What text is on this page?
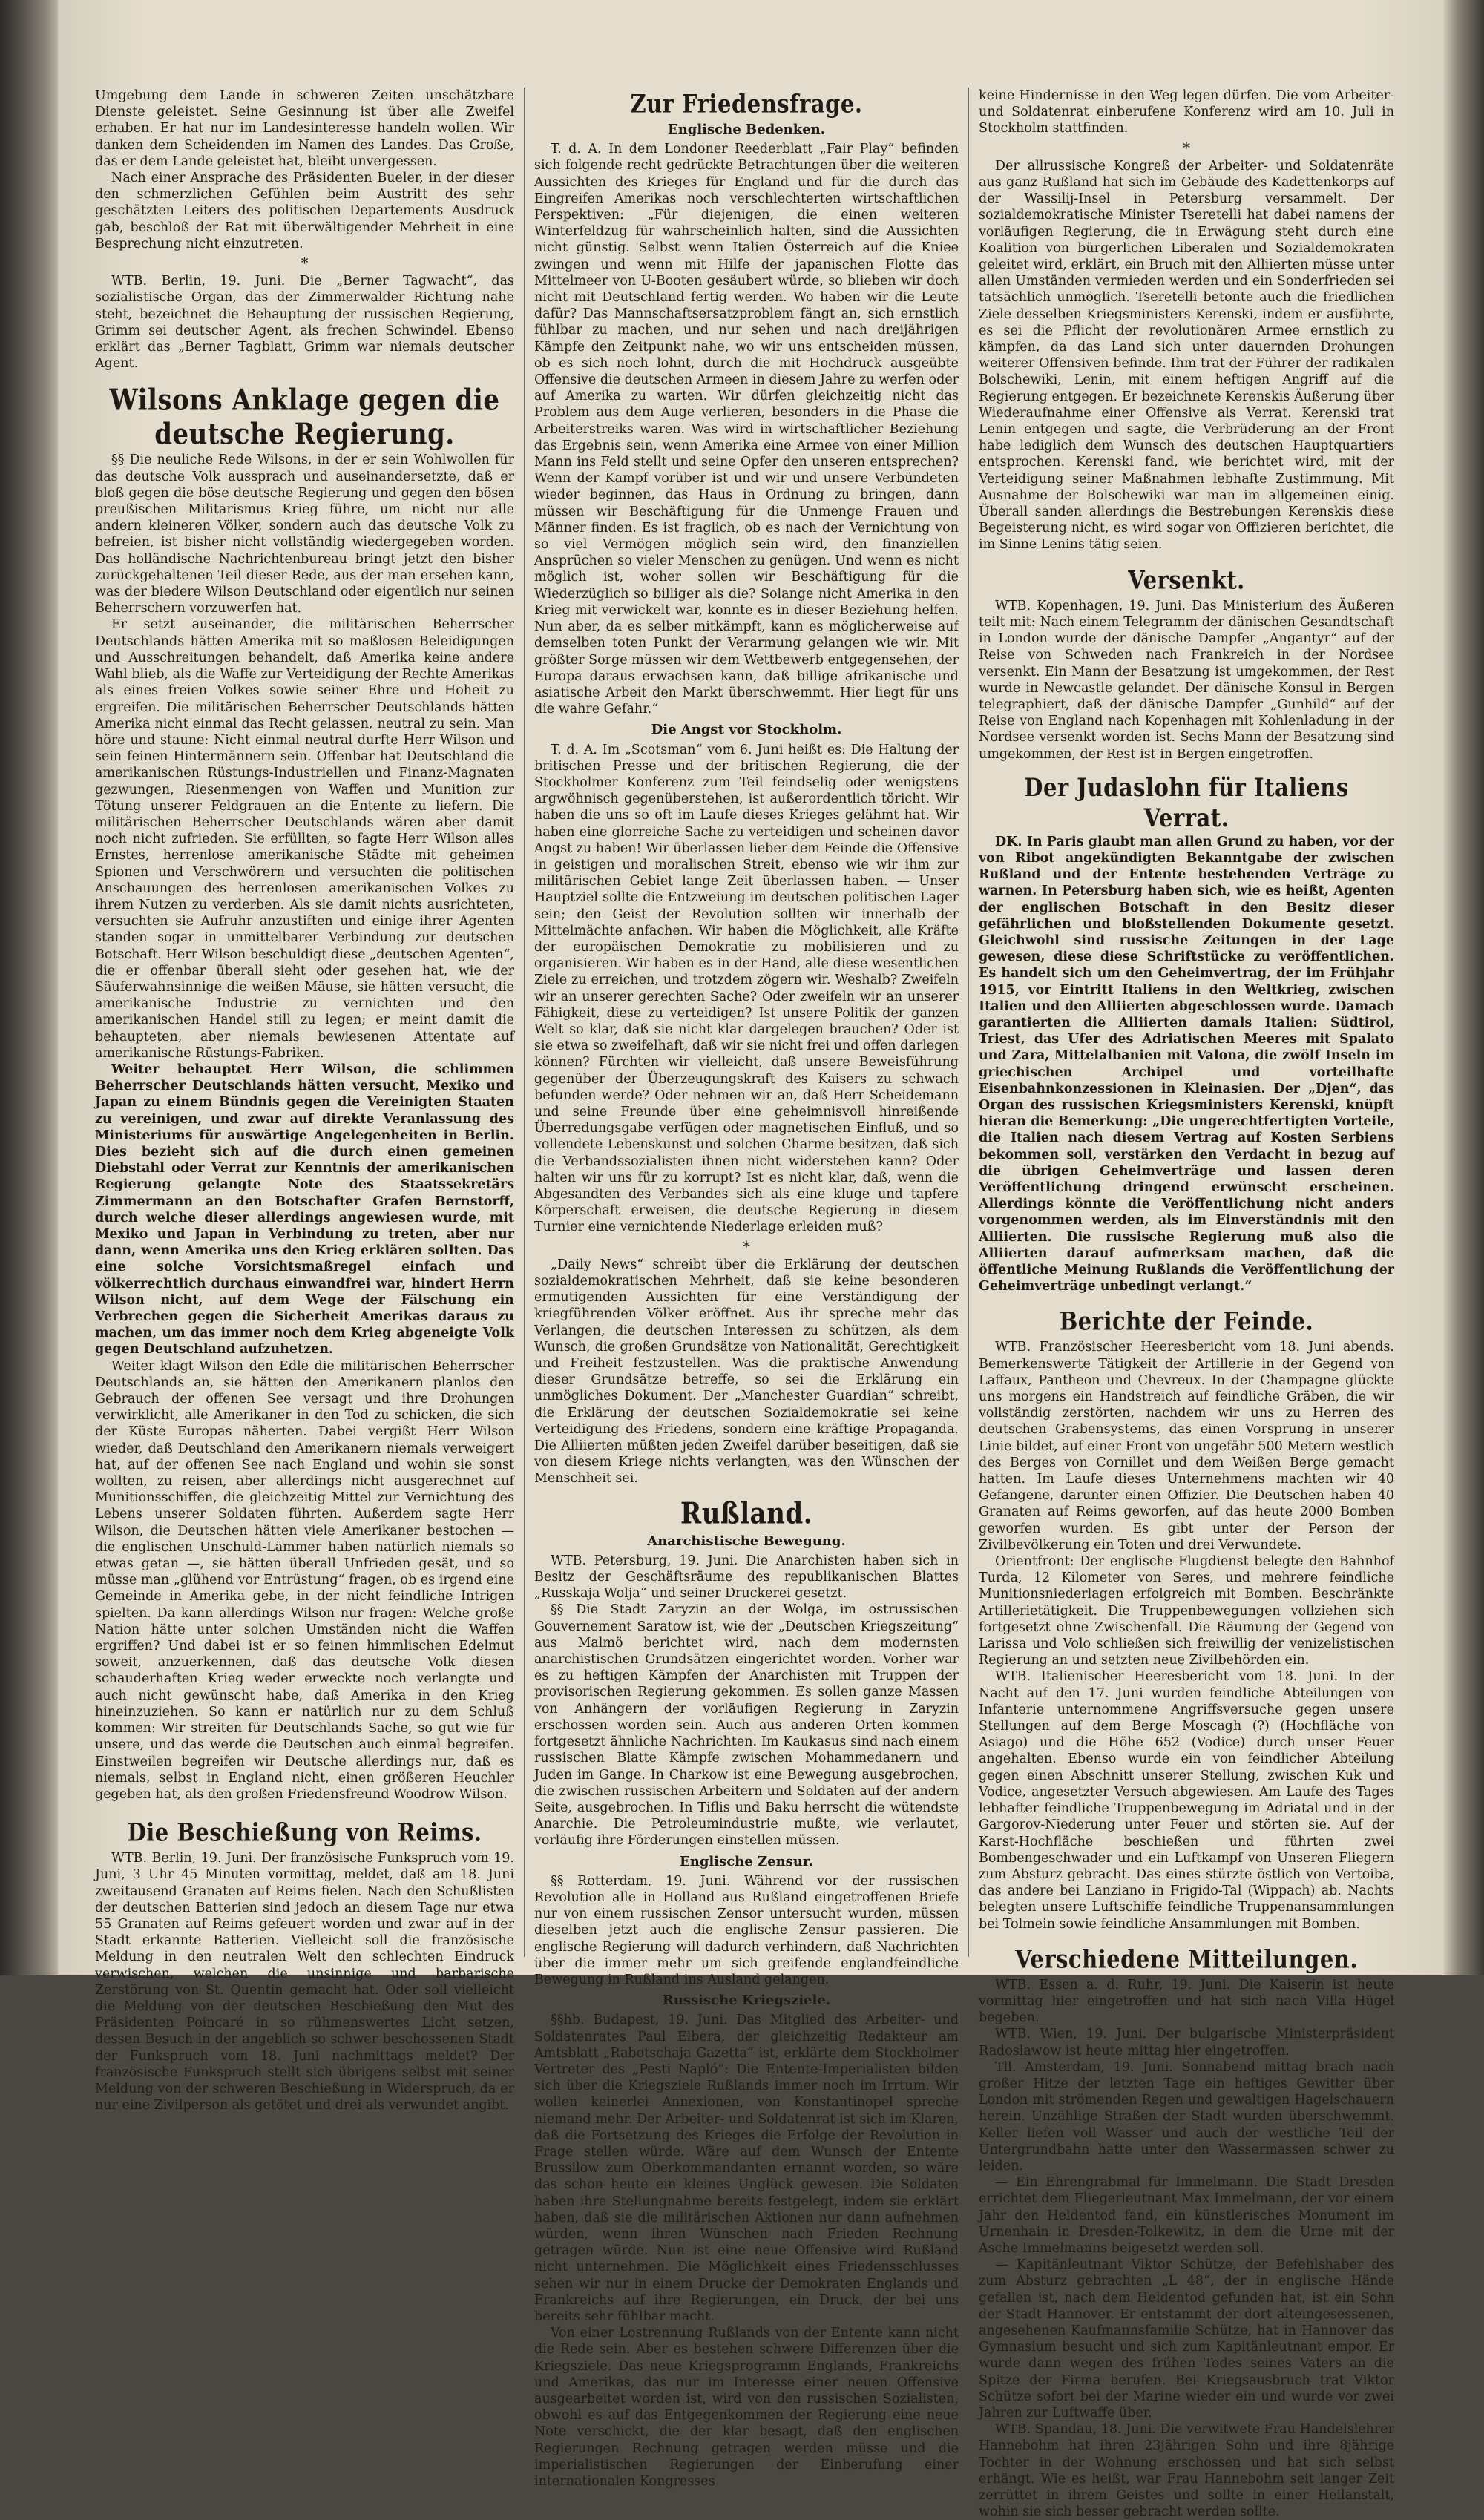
Umgebung dem Lande in schweren Zeiten unschätzbare Dienste geleistet. Seine Gesinnung ist über alle Zweifel erhaben. Er hat nur im Landesinteresse handeln wollen. Wir danken dem Scheidenden im Namen des Landes. Das Große, das er dem Lande geleistet hat, bleibt unvergessen.

Nach einer Ansprache des Präsidenten Bueler, in der dieser den schmerzlichen Gefühlen beim Austritt des sehr geschätzten Leiters des politischen Departements Ausdruck gab, beschloß der Rat mit überwältigender Mehrheit in eine Besprechung nicht einzutreten.

*

WTB. Berlin, 19. Juni. Die „Berner Tagwacht“, das sozialistische Organ, das der Zimmerwalder Richtung nahe steht, bezeichnet die Behauptung der russischen Regierung, Grimm sei deutscher Agent, als frechen Schwindel. Ebenso erklärt das „Berner Tagblatt, Grimm war niemals deutscher Agent.

Wilsons Anklage gegen die deutsche Regierung.

§§ Die neuliche Rede Wilsons, in der er sein Wohlwollen für das deutsche Volk aussprach und auseinandersetzte, daß er bloß gegen die böse deutsche Regierung und gegen den bösen preußischen Militarismus Krieg führe, um nicht nur alle andern kleineren Völker, sondern auch das deutsche Volk zu befreien, ist bisher nicht vollständig wiedergegeben worden. Das holländische Nachrichtenbureau bringt jetzt den bisher zurückgehaltenen Teil dieser Rede, aus der man ersehen kann, was der biedere Wilson Deutschland oder eigentlich nur seinen Beherrschern vorzuwerfen hat.

Er setzt auseinander, die militärischen Beherrscher Deutschlands hätten Amerika mit so maßlosen Beleidigungen und Ausschreitungen behandelt, daß Amerika keine andere Wahl blieb, als die Waffe zur Verteidigung der Rechte Amerikas als eines freien Volkes sowie seiner Ehre und Hoheit zu ergreifen. Die militärischen Beherrscher Deutschlands hätten Amerika nicht einmal das Recht gelassen, neutral zu sein. Man höre und staune: Nicht einmal neutral durfte Herr Wilson und sein feinen Hintermännern sein. Offenbar hat Deutschland die amerikanischen Rüstungs-Industriellen und Finanz-Magnaten gezwungen, Riesenmengen von Waffen und Munition zur Tötung unserer Feldgrauen an die Entente zu liefern. Die militärischen Beherrscher Deutschlands wären aber damit noch nicht zufrieden. Sie erfüllten, so fagte Herr Wilson alles Ernstes, herrenlose amerikanische Städte mit geheimen Spionen und Verschwörern und versuchten die politischen Anschauungen des herrenlosen amerikanischen Volkes zu ihrem Nutzen zu verderben. Als sie damit nichts ausrichteten, versuchten sie Aufruhr anzustiften und einige ihrer Agenten standen sogar in unmittelbarer Verbindung zur deutschen Botschaft. Herr Wilson beschuldigt diese „deutschen Agenten“, die er offenbar überall sieht oder gesehen hat, wie der Säuferwahnsinnige die weißen Mäuse, sie hätten versucht, die amerikanische Industrie zu vernichten und den amerikanischen Handel still zu legen; er meint damit die behaupteten, aber niemals bewiesenen Attentate auf amerikanische Rüstungs-Fabriken.

Weiter behauptet Herr Wilson, die schlimmen Beherrscher Deutschlands hätten versucht, Mexiko und Japan zu einem Bündnis gegen die Vereinigten Staaten zu vereinigen, und zwar auf direkte Veranlassung des Ministeriums für auswärtige Angelegenheiten in Berlin. Dies bezieht sich auf die durch einen gemeinen Diebstahl oder Verrat zur Kenntnis der amerikanischen Regierung gelangte Note des Staatssekretärs Zimmermann an den Botschafter Grafen Bernstorff, durch welche dieser allerdings angewiesen wurde, mit Mexiko und Japan in Verbindung zu treten, aber nur dann, wenn Amerika uns den Krieg erklären sollten. Das eine solche Vorsichtsmaßregel einfach und völkerrechtlich durchaus einwandfrei war, hindert Herrn Wilson nicht, auf dem Wege der Fälschung ein Verbrechen gegen die Sicherheit Amerikas daraus zu machen, um das immer noch dem Krieg abgeneigte Volk gegen Deutschland aufzuhetzen.

Weiter klagt Wilson den Edle die militärischen Beherrscher Deutschlands an, sie hätten den Amerikanern planlos den Gebrauch der offenen See versagt und ihre Drohungen verwirklicht, alle Amerikaner in den Tod zu schicken, die sich der Küste Europas näherten. Dabei vergißt Herr Wilson wieder, daß Deutschland den Amerikanern niemals verweigert hat, auf der offenen See nach England und wohin sie sonst wollten, zu reisen, aber allerdings nicht ausgerechnet auf Munitionsschiffen, die gleichzeitig Mittel zur Vernichtung des Lebens unserer Soldaten führten. Außerdem sagte Herr Wilson, die Deutschen hätten viele Amerikaner bestochen — die englischen Unschuld-Lämmer haben natürlich niemals so etwas getan —, sie hätten überall Unfrieden gesät, und so müsse man „glühend vor Entrüstung“ fragen, ob es irgend eine Gemeinde in Amerika gebe, in der nicht feindliche Intrigen spielten. Da kann allerdings Wilson nur fragen: Welche große Nation hätte unter solchen Umständen nicht die Waffen ergriffen? Und dabei ist er so feinen himmlischen Edelmut soweit, anzuerkennen, daß das deutsche Volk diesen schauderhaften Krieg weder erweckte noch verlangte und auch nicht gewünscht habe, daß Amerika in den Krieg hineinzuziehen. So kann er natürlich nur zu dem Schluß kommen: Wir streiten für Deutschlands Sache, so gut wie für unsere, und das werde die Deutschen auch einmal begreifen. Einstweilen begreifen wir Deutsche allerdings nur, daß es niemals, selbst in England nicht, einen größeren Heuchler gegeben hat, als den großen Friedensfreund Woodrow Wilson.

Die Beschießung von Reims.

WTB. Berlin, 19. Juni. Der französische Funkspruch vom 19. Juni, 3 Uhr 45 Minuten vormittag, meldet, daß am 18. Juni zweitausend Granaten auf Reims fielen. Nach den Schußlisten der deutschen Batterien sind jedoch an diesem Tage nur etwa 55 Granaten auf Reims gefeuert worden und zwar auf in der Stadt erkannte Batterien. Vielleicht soll die französische Meldung in den neutralen Welt den schlechten Eindruck verwischen, welchen die unsinnige und barbarische Zerstörung von St. Quentin gemacht hat. Oder soll vielleicht die Meldung von der deutschen Beschießung den Mut des Präsidenten Poincaré in so rühmenswertes Licht setzen, dessen Besuch in der angeblich so schwer beschossenen Stadt der Funkspruch vom 18. Juni nachmittags meldet? Der französische Funkspruch stellt sich übrigens selbst mit seiner Meldung von der schweren Beschießung in Widerspruch, da er nur eine Zivilperson als getötet und drei als verwundet angibt.

Zur Friedensfrage.
Englische Bedenken.

T. d. A. In dem Londoner Reederblatt „Fair Play“ befinden sich folgende recht gedrückte Betrachtungen über die weiteren Aussichten des Krieges für England und für die durch das Eingreifen Amerikas noch verschlechterten wirtschaftlichen Perspektiven: „Für diejenigen, die einen weiteren Winterfeldzug für wahrscheinlich halten, sind die Aussichten nicht günstig. Selbst wenn Italien Österreich auf die Kniee zwingen und wenn mit Hilfe der japanischen Flotte das Mittelmeer von U-Booten gesäubert würde, so blieben wir doch nicht mit Deutschland fertig werden. Wo haben wir die Leute dafür? Das Mannschaftsersatzproblem fängt an, sich ernstlich fühlbar zu machen, und nur sehen und nach dreijährigen Kämpfe den Zeitpunkt nahe, wo wir uns entscheiden müssen, ob es sich noch lohnt, durch die mit Hochdruck ausgeübte Offensive die deutschen Armeen in diesem Jahre zu werfen oder auf Amerika zu warten. Wir dürfen gleichzeitig nicht das Problem aus dem Auge verlieren, besonders in die Phase die Arbeiterstreiks waren. Was wird in wirtschaftlicher Beziehung das Ergebnis sein, wenn Amerika eine Armee von einer Million Mann ins Feld stellt und seine Opfer den unseren entsprechen? Wenn der Kampf vorüber ist und wir und unsere Verbündeten wieder beginnen, das Haus in Ordnung zu bringen, dann müssen wir Beschäftigung für die Unmenge Frauen und Männer finden. Es ist fraglich, ob es nach der Vernichtung von so viel Vermögen möglich sein wird, den finanziellen Ansprüchen so vieler Menschen zu genügen. Und wenn es nicht möglich ist, woher sollen wir Beschäftigung für die Wiederzüglich so billiger als die? Solange nicht Amerika in den Krieg mit verwickelt war, konnte es in dieser Beziehung helfen. Nun aber, da es selber mitkämpft, kann es möglicherweise auf demselben toten Punkt der Verarmung gelangen wie wir. Mit größter Sorge müssen wir dem Wettbewerb entgegensehen, der Europa daraus erwachsen kann, daß billige afrikanische und asiatische Arbeit den Markt überschwemmt. Hier liegt für uns die wahre Gefahr.“

Die Angst vor Stockholm.

T. d. A. Im „Scotsman“ vom 6. Juni heißt es: Die Haltung der britischen Presse und der britischen Regierung, die der Stockholmer Konferenz zum Teil feindselig oder wenigstens argwöhnisch gegenüberstehen, ist außerordentlich töricht. Wir haben die uns so oft im Laufe dieses Krieges gelähmt hat. Wir haben eine glorreiche Sache zu verteidigen und scheinen davor Angst zu haben! Wir überlassen lieber dem Feinde die Offensive in geistigen und moralischen Streit, ebenso wie wir ihm zur militärischen Gebiet lange Zeit überlassen haben. — Unser Hauptziel sollte die Entzweiung im deutschen politischen Lager sein; den Geist der Revolution sollten wir innerhalb der Mittelmächte anfachen. Wir haben die Möglichkeit, alle Kräfte der europäischen Demokratie zu mobilisieren und zu organisieren. Wir haben es in der Hand, alle diese wesentlichen Ziele zu erreichen, und trotzdem zögern wir. Weshalb? Zweifeln wir an unserer gerechten Sache? Oder zweifeln wir an unserer Fähigkeit, diese zu verteidigen? Ist unsere Politik der ganzen Welt so klar, daß sie nicht klar dargelegen brauchen? Oder ist sie etwa so zweifelhaft, daß wir sie nicht frei und offen darlegen können? Fürchten wir vielleicht, daß unsere Beweisführung gegenüber der Überzeugungskraft des Kaisers zu schwach befunden werde? Oder nehmen wir an, daß Herr Scheidemann und seine Freunde über eine geheimnisvoll hinreißende Überredungsgabe verfügen oder magnetischen Einfluß, und so vollendete Lebenskunst und solchen Charme besitzen, daß sich die Verbandssozialisten ihnen nicht widerstehen kann? Oder halten wir uns für zu korrupt? Ist es nicht klar, daß, wenn die Abgesandten des Verbandes sich als eine kluge und tapfere Körperschaft erweisen, die deutsche Regierung in diesem Turnier eine vernichtende Niederlage erleiden muß?

*

„Daily News“ schreibt über die Erklärung der deutschen sozialdemokratischen Mehrheit, daß sie keine besonderen ermutigenden Aussichten für eine Verständigung der kriegführenden Völker eröffnet. Aus ihr spreche mehr das Verlangen, die deutschen Interessen zu schützen, als dem Wunsch, die großen Grundsätze von Nationalität, Gerechtigkeit und Freiheit festzustellen. Was die praktische Anwendung dieser Grundsätze betreffe, so sei die Erklärung ein unmögliches Dokument. Der „Manchester Guardian“ schreibt, die Erklärung der deutschen Sozialdemokratie sei keine Verteidigung des Friedens, sondern eine kräftige Propaganda. Die Alliierten müßten jeden Zweifel darüber beseitigen, daß sie von diesem Kriege nichts verlangten, was den Wünschen der Menschheit sei.

Rußland.
Anarchistische Bewegung.

WTB. Petersburg, 19. Juni. Die Anarchisten haben sich in Besitz der Geschäftsräume des republikanischen Blattes „Russkaja Wolja“ und seiner Druckerei gesetzt.

§§ Die Stadt Zaryzin an der Wolga, im ostrussischen Gouvernement Saratow ist, wie der „Deutschen Kriegszeitung“ aus Malmö berichtet wird, nach dem modernsten anarchistischen Grundsätzen eingerichtet worden. Vorher war es zu heftigen Kämpfen der Anarchisten mit Truppen der provisorischen Regierung gekommen. Es sollen ganze Massen von Anhängern der vorläufigen Regierung in Zaryzin erschossen worden sein. Auch aus anderen Orten kommen fortgesetzt ähnliche Nachrichten. Im Kaukasus sind nach einem russischen Blatte Kämpfe zwischen Mohammedanern und Juden im Gange. In Charkow ist eine Bewegung ausgebrochen, die zwischen russischen Arbeitern und Soldaten auf der andern Seite, ausgebrochen. In Tiflis und Baku herrscht die wütendste Anarchie. Die Petroleumindustrie mußte, wie verlautet, vorläufig ihre Förderungen einstellen müssen.

Englische Zensur.

§§ Rotterdam, 19. Juni. Während vor der russischen Revolution alle in Holland aus Rußland eingetroffenen Briefe nur von einem russischen Zensor untersucht wurden, müssen dieselben jetzt auch die englische Zensur passieren. Die englische Regierung will dadurch verhindern, daß Nachrichten über die immer mehr um sich greifende englandfeindliche Bewegung in Rußland ins Ausland gelangen.

Russische Kriegsziele.

§§hb. Budapest, 19. Juni. Das Mitglied des Arbeiter- und Soldatenrates Paul Elbera, der gleichzeitig Redakteur am Amtsblatt „Rabotschaja Gazetta“ ist, erklärte dem Stockholmer Vertreter des „Pesti Napló“: Die Entente-Imperialisten bilden sich über die Kriegsziele Rußlands immer noch im Irrtum. Wir wollen keinerlei Annexionen, von Konstantinopel spreche niemand mehr. Der Arbeiter- und Soldatenrat ist sich im Klaren, daß die Fortsetzung des Krieges die Erfolge der Revolution in Frage stellen würde. Wäre auf dem Wunsch der Entente Brussilow zum Oberkommandanten ernannt worden, so wäre das schon heute ein kleines Unglück gewesen. Die Soldaten haben ihre Stellungnahme bereits festgelegt, indem sie erklärt haben, daß sie die militärischen Aktionen nur dann aufnehmen würden, wenn ihren Wünschen nach Frieden Rechnung getragen würde. Nun ist eine neue Offensive wird Rußland nicht unternehmen. Die Möglichkeit eines Friedensschlusses sehen wir nur in einem Drucke der Demokraten Englands und Frankreichs auf ihre Regierungen, ein Druck, der bei uns bereits sehr fühlbar macht.

Von einer Lostrennung Rußlands von der Entente kann nicht die Rede sein. Aber es bestehen schwere Differenzen über die Kriegsziele. Das neue Kriegsprogramm Englands, Frankreichs und Amerikas, das nur im Interesse einer neuen Offensive ausgearbeitet worden ist, wird von den russischen Sozialisten, obwohl es auf das Entgegenkommen der Regierung eine neue Note verschickt, die der klar besagt, daß den englischen Regierungen Rechnung getragen werden müsse und die imperialistischen Regierungen der Einberufung einer internationalen Kongresses

keine Hindernisse in den Weg legen dürfen. Die vom Arbeiter- und Soldatenrat einberufene Konferenz wird am 10. Juli in Stockholm stattfinden.

*

Der allrussische Kongreß der Arbeiter- und Soldatenräte aus ganz Rußland hat sich im Gebäude des Kadettenkorps auf der Wassilij-Insel in Petersburg versammelt. Der sozialdemokratische Minister Tseretelli hat dabei namens der vorläufigen Regierung, die in Erwägung steht durch eine Koalition von bürgerlichen Liberalen und Sozialdemokraten geleitet wird, erklärt, ein Bruch mit den Alliierten müsse unter allen Umständen vermieden werden und ein Sonderfrieden sei tatsächlich unmöglich. Tseretelli betonte auch die friedlichen Ziele desselben Kriegsministers Kerenski, indem er ausführte, es sei die Pflicht der revolutionären Armee ernstlich zu kämpfen, da das Land sich unter dauernden Drohungen weiterer Offensiven befinde. Ihm trat der Führer der radikalen Bolschewiki, Lenin, mit einem heftigen Angriff auf die Regierung entgegen. Er bezeichnete Kerenskis Äußerung über Wiederaufnahme einer Offensive als Verrat. Kerenski trat Lenin entgegen und sagte, die Verbrüderung an der Front habe lediglich dem Wunsch des deutschen Hauptquartiers entsprochen. Kerenski fand, wie berichtet wird, mit der Verteidigung seiner Maßnahmen lebhafte Zustimmung. Mit Ausnahme der Bolschewiki war man im allgemeinen einig. Überall sanden allerdings die Bestrebungen Kerenskis diese Begeisterung nicht, es wird sogar von Offizieren berichtet, die im Sinne Lenins tätig seien.

Versenkt.

WTB. Kopenhagen, 19. Juni. Das Ministerium des Äußeren teilt mit: Nach einem Telegramm der dänischen Gesandtschaft in London wurde der dänische Dampfer „Angantyr“ auf der Reise von Schweden nach Frankreich in der Nordsee versenkt. Ein Mann der Besatzung ist umgekommen, der Rest wurde in Newcastle gelandet. Der dänische Konsul in Bergen telegraphiert, daß der dänische Dampfer „Gunhild“ auf der Reise von England nach Kopenhagen mit Kohlenladung in der Nordsee versenkt worden ist. Sechs Mann der Besatzung sind umgekommen, der Rest ist in Bergen eingetroffen.

Der Judaslohn für Italiens Verrat.

DK. In Paris glaubt man allen Grund zu haben, vor der von Ribot angekündigten Bekanntgabe der zwischen Rußland und der Entente bestehenden Verträge zu warnen. In Petersburg haben sich, wie es heißt, Agenten der englischen Botschaft in den Besitz dieser gefährlichen und bloßstellenden Dokumente gesetzt. Gleichwohl sind russische Zeitungen in der Lage gewesen, diese diese Schriftstücke zu veröffentlichen. Es handelt sich um den Geheimvertrag, der im Frühjahr 1915, vor Eintritt Italiens in den Weltkrieg, zwischen Italien und den Alliierten abgeschlossen wurde. Damach garantierten die Alliierten damals Italien: Südtirol, Triest, das Ufer des Adriatischen Meeres mit Spalato und Zara, Mittelalbanien mit Valona, die zwölf Inseln im griechischen Archipel und vorteilhafte Eisenbahnkonzessionen in Kleinasien. Der „Djen“, das Organ des russischen Kriegsministers Kerenski, knüpft hieran die Bemerkung: „Die ungerechtfertigten Vorteile, die Italien nach diesem Vertrag auf Kosten Serbiens bekommen soll, verstärken den Verdacht in bezug auf die übrigen Geheimverträge und lassen deren Veröffentlichung dringend erwünscht erscheinen. Allerdings könnte die Veröffentlichung nicht anders vorgenommen werden, als im Einverständnis mit den Alliierten. Die russische Regierung muß also die Alliierten darauf aufmerksam machen, daß die öffentliche Meinung Rußlands die Veröffentlichung der Geheimverträge unbedingt verlangt.“

Berichte der Feinde.

WTB. Französischer Heeresbericht vom 18. Juni abends. Bemerkenswerte Tätigkeit der Artillerie in der Gegend von Laffaux, Pantheon und Chevreux. In der Champagne glückte uns morgens ein Handstreich auf feindliche Gräben, die wir vollständig zerstörten, nachdem wir uns zu Herren des deutschen Grabensystems, das einen Vorsprung in unserer Linie bildet, auf einer Front von ungefähr 500 Metern westlich des Berges von Cornillet und dem Weißen Berge gemacht hatten. Im Laufe dieses Unternehmens machten wir 40 Gefangene, darunter einen Offizier. Die Deutschen haben 40 Granaten auf Reims geworfen, auf das heute 2000 Bomben geworfen wurden. Es gibt unter der Person der Zivilbevölkerung ein Toten und drei Verwundete.

Orientfront: Der englische Flugdienst belegte den Bahnhof Turda, 12 Kilometer von Seres, und mehrere feindliche Munitionsniederlagen erfolgreich mit Bomben. Beschränkte Artillerietätigkeit. Die Truppenbewegungen vollziehen sich fortgesetzt ohne Zwischenfall. Die Räumung der Gegend von Larissa und Volo schließen sich freiwillig der venizelistischen Regierung an und setzten neue Zivilbehörden ein.

WTB. Italienischer Heeresbericht vom 18. Juni. In der Nacht auf den 17. Juni wurden feindliche Abteilungen von Infanterie unternommene Angriffsversuche gegen unsere Stellungen auf dem Berge Moscagh (?) (Hochfläche von Asiago) und die Höhe 652 (Vodice) durch unser Feuer angehalten. Ebenso wurde ein von feindlicher Abteilung gegen einen Abschnitt unserer Stellung, zwischen Kuk und Vodice, angesetzter Versuch abgewiesen. Am Laufe des Tages lebhafter feindliche Truppenbewegung im Adriatal und in der Gargorov-Niederung unter Feuer und störten sie. Auf der Karst-Hochfläche beschießen und führten zwei Bombengeschwader und ein Luftkampf von Unseren Fliegern zum Absturz gebracht. Das eines stürzte östlich von Vertoiba, das andere bei Lanziano in Frigido-Tal (Wippach) ab. Nachts belegten unsere Luftschiffe feindliche Truppenansammlungen bei Tolmein sowie feindliche Ansammlungen mit Bomben.

Verschiedene Mitteilungen.

WTB. Essen a. d. Ruhr, 19. Juni. Die Kaiserin ist heute vormittag hier eingetroffen und hat sich nach Villa Hügel begeben.

WTB. Wien, 19. Juni. Der bulgarische Ministerpräsident Radoslawow ist heute mittag hier eingetroffen.

Tll. Amsterdam, 19. Juni. Sonnabend mittag brach nach großer Hitze der letzten Tage ein heftiges Gewitter über London mit strömenden Regen und gewaltigen Hagelschauern herein. Unzählige Straßen der Stadt wurden überschwemmt. Keller liefen voll Wasser und auch der westliche Teil der Untergrundbahn hatte unter den Wassermassen schwer zu leiden.

— Ein Ehrengrabmal für Immelmann. Die Stadt Dresden errichtet dem Fliegerleutnant Max Immelmann, der vor einem Jahr den Heldentod fand, ein künstlerisches Monument im Urnenhain in Dresden-Tolkewitz, in dem die Urne mit der Asche Immelmanns beigesetzt werden soll.

— Kapitänleutnant Viktor Schütze, der Befehlshaber des zum Absturz gebrachten „L 48“, der in englische Hände gefallen ist, nach dem Heldentod gefunden hat, ist ein Sohn der Stadt Hannover. Er entstammt der dort alteingesessenen, angesehenen Kaufmannsfamilie Schütze, hat in Hannover das Gymnasium besucht und sich zum Kapitänleutnant empor. Er wurde dann wegen des frühen Todes seines Vaters an die Spitze der Firma berufen. Bei Kriegsausbruch trat Viktor Schütze sofort bei der Marine wieder ein und wurde vor zwei Jahren zur Luftwaffe über.

WTB. Spandau, 18. Juni. Die verwitwete Frau Handelslehrer Hannebohm hat ihren 23jährigen Sohn und ihre 8jährige Tochter in der Wohnung erschossen und hat sich selbst erhängt. Wie es heißt, war Frau Hannebohm seit langer Zeit zerrüttet in ihrem Geistes und sollte in einer Heilanstalt, wohin sie sich besser gebracht werden sollte.
